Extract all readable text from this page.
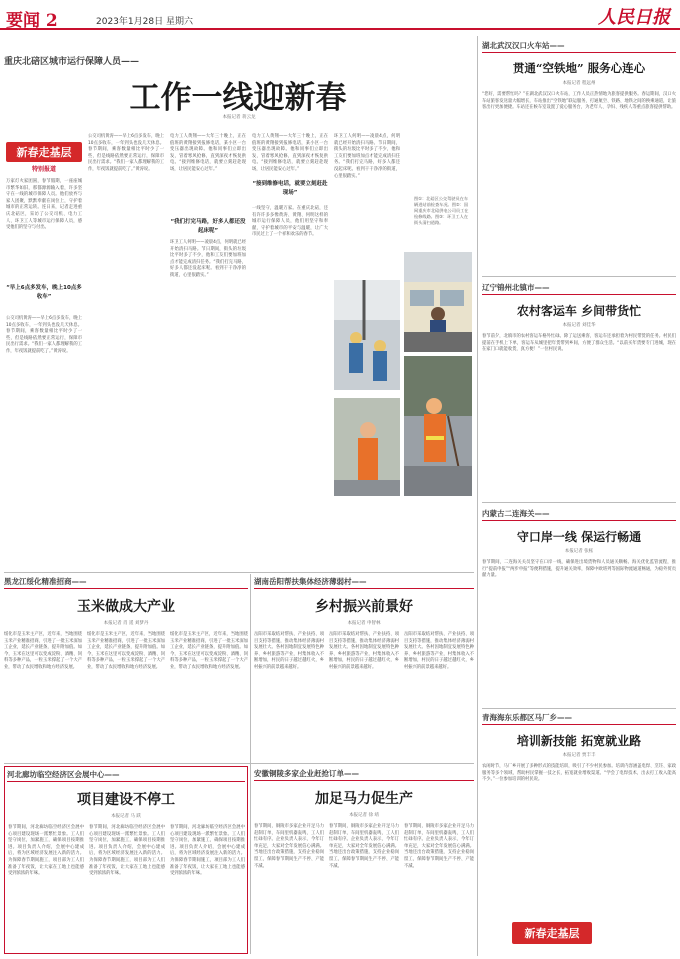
要闻 2	2023年1月28日 星期六	人民日报
重庆北碚区城市运行保障人员——
工作一线迎新春
本报记者 蒋云龙
新春走基层
特别报道
万家灯火家团圆，春节假期，一座座城市繁华如旧，那都源源输入着，许多坚守在一线的城市保障人员。他们放弃与家人团聚，默默奉献在岗位上，守护着城市的正常运转。连日来，记者走进重庆北碚区，采访了公交司机、电力工人、环卫工人等城市运行保障人员，感受他们的坚守与付出。
“早上6点多发车，晚上10点多收车”
公交司机黄涛——早上6点多发车，晚上10点多收车，一年到头也没几天休息。春节期间，乘客数量相比平时少了一些，但是线路依然要正常运行，保障市民出行需求。“我们一家人都理解我的工作，年夜饭就提前吃了。”黄涛说。
公交司机黄涛——早上6点多发车，晚上10点多收车，一年到头也没几天休息。春节期间，乘客数量相比平时少了一些，但是线路依然要正常运行，保障市民出行需求。“我们一家人都理解我的工作，年夜饭就提前吃了。”黄涛说。
电力工人黄翔——大年三十晚上，正在值班的黄翔接到报修电话，某小区一台变压器出现故障。他和同事们立即出发，冒着寒风抢修，直到深夜才恢复供电。“接到维修电话，就要立刻赶赴现场，让居民能安心过年。”
“我们打完马路，好多人都还没起床呢”
环卫工人何明——凌晨4点，何明就已经开始清扫马路。节日期间，街头的垃圾比平时多了不少，他和工友们要加班加点才能完成清扫任务。“我们打完马路，好多人都还没起床呢。看到干干净净的街道，心里很踏实。”
电力工人黄翔——大年三十晚上，正在值班的黄翔接到报修电话，某小区一台变压器出现故障。他和同事们立即出发，冒着寒风抢修，直到深夜才恢复供电。“接到维修电话，就要立刻赶赴现场，让居民能安心过年。”
“接到维修电话，就要立刻赶赴现场”
一线坚守，温暖万家。在重庆北碚，还有许许多多像黄涛、黄翔、何明这样的城市运行保障人员，他们用坚守和奉献，守护着城市的平安与温暖，让广大市民过上了一个祥和欢乐的春节。
环卫工人何明——凌晨4点，何明就已经开始清扫马路。节日期间，街头的垃圾比平时多了不少，他和工友们要加班加点才能完成清扫任务。“我们打完马路，好多人都还没起床呢。看到干干净净的街道，心里很踏实。”
图①：北碚区公交驾驶员在车辆进站前检查车况。图②：国网重庆市北碚供电公司员工在检修线路。图③：环卫工人在街头清扫道路。
黑龙江绥化精准招商——
玉米做成大产业
本报记者 肖 遥 刘梦丹
绥化市是玉米主产区，近年来，当地围绕玉米产业精准招商，引进了一批玉米深加工企业，延长产业链条，提升附加值。如今，玉米在这里可以变成淀粉、酒精、饲料等多种产品，一粒玉米撑起了一个大产业，带动了农民增收和地方经济发展。
绥化市是玉米主产区，近年来，当地围绕玉米产业精准招商，引进了一批玉米深加工企业，延长产业链条，提升附加值。如今，玉米在这里可以变成淀粉、酒精、饲料等多种产品，一粒玉米撑起了一个大产业，带动了农民增收和地方经济发展。
绥化市是玉米主产区，近年来，当地围绕玉米产业精准招商，引进了一批玉米深加工企业，延长产业链条，提升附加值。如今，玉米在这里可以变成淀粉、酒精、饲料等多种产品，一粒玉米撑起了一个大产业，带动了农民增收和地方经济发展。
湖南岳阳帮扶集体经济薄弱村——
乡村振兴前景好
本报记者 申智林
岳阳市采取结对帮扶、产业扶持、项目支持等措施，推动集体经济薄弱村发展壮大。各村因地制宜发展特色种养、乡村旅游等产业，村集体收入不断增加，村民的日子越过越红火，乡村振兴的前景越来越好。
岳阳市采取结对帮扶、产业扶持、项目支持等措施，推动集体经济薄弱村发展壮大。各村因地制宜发展特色种养、乡村旅游等产业，村集体收入不断增加，村民的日子越过越红火，乡村振兴的前景越来越好。
岳阳市采取结对帮扶、产业扶持、项目支持等措施，推动集体经济薄弱村发展壮大。各村因地制宜发展特色种养、乡村旅游等产业，村集体收入不断增加，村民的日子越过越红火，乡村振兴的前景越来越好。
河北廊坊临空经济区会展中心——
项目建设不停工
本报记者 马 跃
春节期间，河北廊坊临空经济区会展中心项目建设现场一派繁忙景象。工人们坚守岗位，加紧施工，确保项目按期推进。项目负责人介绍，会展中心建成后，将为区域经济发展注入新的活力。为保障春节期间施工，项目部为工人们准备了年夜饭，让大家在工地上也能感受到浓浓的年味。
春节期间，河北廊坊临空经济区会展中心项目建设现场一派繁忙景象。工人们坚守岗位，加紧施工，确保项目按期推进。项目负责人介绍，会展中心建成后，将为区域经济发展注入新的活力。为保障春节期间施工，项目部为工人们准备了年夜饭，让大家在工地上也能感受到浓浓的年味。
春节期间，河北廊坊临空经济区会展中心项目建设现场一派繁忙景象。工人们坚守岗位，加紧施工，确保项目按期推进。项目负责人介绍，会展中心建成后，将为区域经济发展注入新的活力。为保障春节期间施工，项目部为工人们准备了年夜饭，让大家在工地上也能感受到浓浓的年味。
安徽铜陵多家企业赶抢订单——
加足马力促生产
本报记者 徐 靖
春节期间，铜陵市多家企业开足马力赶制订单，车间里机器轰鸣，工人们忙碌有序。企业负责人表示，今年订单充足，大家对全年发展信心满满。当地还出台政策措施，支持企业稳岗留工，保障春节期间生产不停、产能不减。
春节期间，铜陵市多家企业开足马力赶制订单，车间里机器轰鸣，工人们忙碌有序。企业负责人表示，今年订单充足，大家对全年发展信心满满。当地还出台政策措施，支持企业稳岗留工，保障春节期间生产不停、产能不减。
春节期间，铜陵市多家企业开足马力赶制订单，车间里机器轰鸣，工人们忙碌有序。企业负责人表示，今年订单充足，大家对全年发展信心满满。当地还出台政策措施，支持企业稳岗留工，保障春节期间生产不停、产能不减。
湖北武汉汉口火车站——
贯通“空铁地” 服务心连心
本报记者 程远州
“您好，需要帮忙吗？”在湖北武汉汉口火车站，工作人员正热情地为旅客提供服务。春运期间，汉口火车站旅客发送量大幅增长，车站推出“空铁地”联运服务，打通航空、铁路、地铁之间的换乘通道，让旅客出行更加便捷。车站还在候车室设置了爱心服务台，为老年人、孕妇、残疾人等重点旅客提供帮助。
辽宁锦州北镇市——
农村客运车 乡间带货忙
本报记者 刘佳华
春节前夕，北镇市的农村客运车格外忙碌。除了运送乘客，客运车还承担着为村民带货的任务。村民们提前在手机上下单，客运车从城里把年货带到乡间，方便了群众生活。“以前买年货要专门进城，现在在家门口就能收货，真方便！”一位村民说。
内蒙古二连海关——
守口岸一线 保运行畅通
本报记者 张枨
春节期间，二连海关关员坚守在口岸一线，确保进出境货物和人员通关顺畅。海关优化监管流程，推行“提前申报”“两步申报”等便利措施，提升通关效率，保障中欧班列等国际物流通道畅通，为稳外贸贡献力量。
青海海东乐都区马厂乡——
培训新技能 拓宽就业路
本报记者 贾丰丰
农闲时节，马厂乡开展了多种形式的技能培训，吸引了不少村民参加。培训内容涵盖电焊、烹饪、家政服务等多个领域，帮助村民掌握一技之长，拓宽就业增收渠道。“学会了电焊技术，出去打工收入能高不少。”一位参加培训的村民说。
新春走基层
